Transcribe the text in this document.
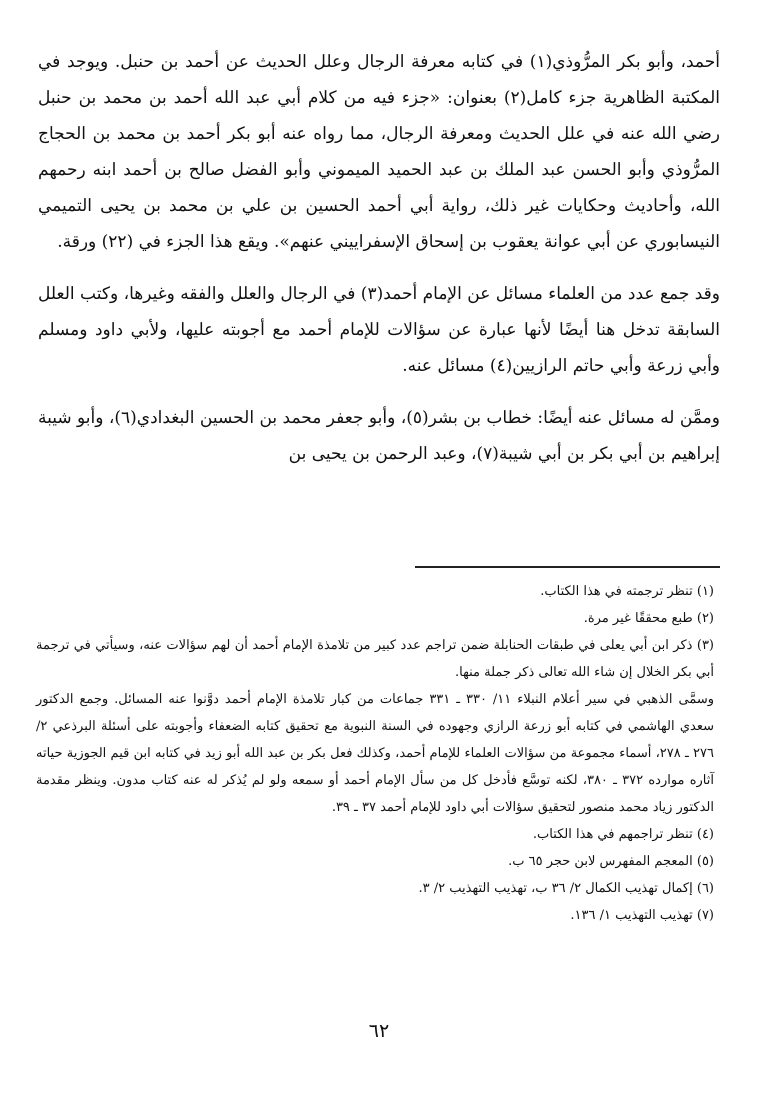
أحمد، وأبو بكر المرُّوذي(١) في كتابه معرفة الرجال وعلل الحديث عن أحمد بن حنبل. ويوجد في المكتبة الظاهرية جزء كامل(٢) بعنوان: «جزء فيه من كلام أبي عبد الله أحمد بن محمد بن حنبل رضي الله عنه في علل الحديث ومعرفة الرجال، مما رواه عنه أبو بكر أحمد بن محمد بن الحجاج المرُّوذي وأبو الحسن عبد الملك بن عبد الحميد الميموني وأبو الفضل صالح بن أحمد ابنه رحمهم الله، وأحاديث وحكايات غير ذلك، رواية أبي أحمد الحسين بن علي بن محمد بن يحيى التميمي النيسابوري عن أبي عوانة يعقوب بن إسحاق الإسفراييني عنهم». ويقع هذا الجزء في (٢٢) ورقة.

وقد جمع عدد من العلماء مسائل عن الإمام أحمد(٣) في الرجال والعلل والفقه وغيرها، وكتب العلل السابقة تدخل هنا أيضًا لأنها عبارة عن سؤالات للإمام أحمد مع أجوبته عليها، ولأبي داود ومسلم وأبي زرعة وأبي حاتم الرازيين(٤) مسائل عنه.

وممَّن له مسائل عنه أيضًا: خطاب بن بشر(٥)، وأبو جعفر محمد بن الحسين البغدادي(٦)، وأبو شيبة إبراهيم بن أبي بكر بن أبي شيبة(٧)، وعبد الرحمن بن يحيى بن

(١) تنظر ترجمته في هذا الكتاب.

(٢) طبع محققًا غير مرة.

(٣) ذكر ابن أبي يعلى في طبقات الحنابلة ضمن تراجم عدد كبير من تلامذة الإمام أحمد أن لهم سؤالات عنه، وسيأتي في ترجمة أبي بكر الخلال إن شاء الله تعالى ذكر جملة منها.

وسمَّى الذهبي في سير أعلام النبلاء ١١/ ٣٣٠ ـ ٣٣١ جماعات من كبار تلامذة الإمام أحمد دوَّنوا عنه المسائل. وجمع الدكتور سعدي الهاشمي في كتابه أبو زرعة الرازي وجهوده في السنة النبوية مع تحقيق كتابه الضعفاء وأجوبته على أسئلة البرذعي ٢/ ٢٧٦ ـ ٢٧٨، أسماء مجموعة من سؤالات العلماء للإمام أحمد، وكذلك فعل بكر بن عبد الله أبو زيد في كتابه ابن قيم الجوزية حياته آثاره موارده ٣٧٢ ـ ٣٨٠، لكنه توسَّع فأدخل كل من سأل الإمام أحمد أو سمعه ولو لم يُذكر له عنه كتاب مدون. وينظر مقدمة الدكتور زياد محمد منصور لتحقيق سؤالات أبي داود للإمام أحمد ٣٧ ـ ٣٩.

(٤) تنظر تراجمهم في هذا الكتاب.

(٥) المعجم المفهرس لابن حجر ٦٥ ب.

(٦) إكمال تهذيب الكمال ٢/ ٣٦ ب، تهذيب التهذيب ٢/ ٣.

(٧) تهذيب التهذيب ١/ ١٣٦.

٦٢
